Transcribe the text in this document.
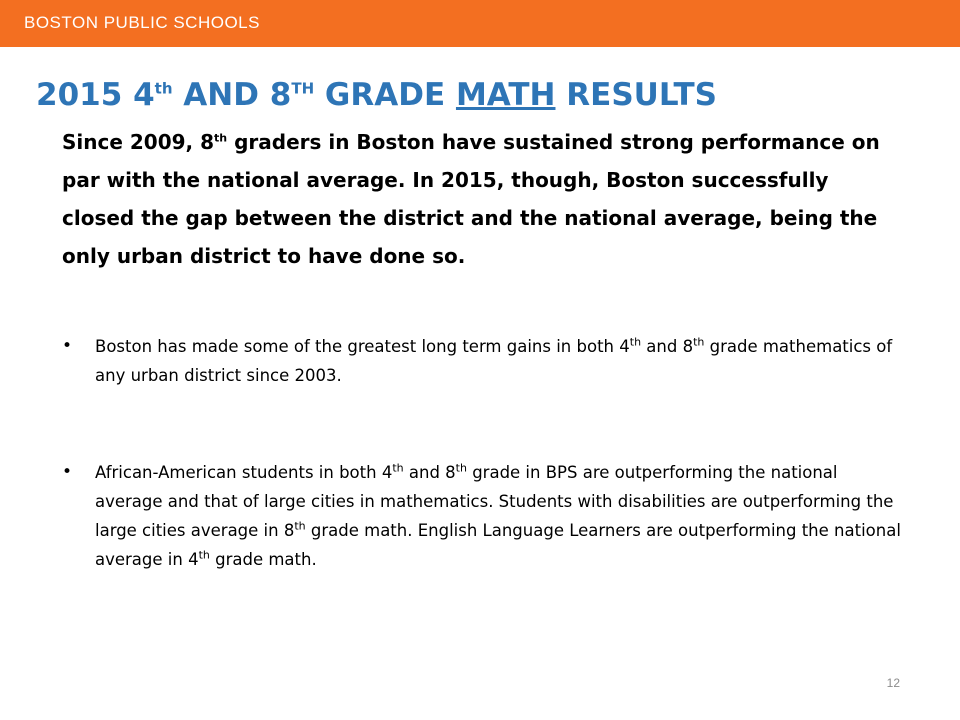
BOSTON PUBLIC SCHOOLS
2015 4th AND 8TH GRADE MATH RESULTS

Since 2009, 8th graders in Boston have sustained strong performance on par with the national average. In 2015, though, Boston successfully closed the gap between the district and the national average, being the only urban district to have done so.

• Boston has made some of the greatest long term gains in both 4th and 8th grade mathematics of any urban district since 2003.
• African-American students in both 4th and 8th grade in BPS are outperforming the national average and that of large cities in mathematics. Students with disabilities are outperforming the large cities average in 8th grade math. English Language Learners are outperforming the national average in 4th grade math.
12
